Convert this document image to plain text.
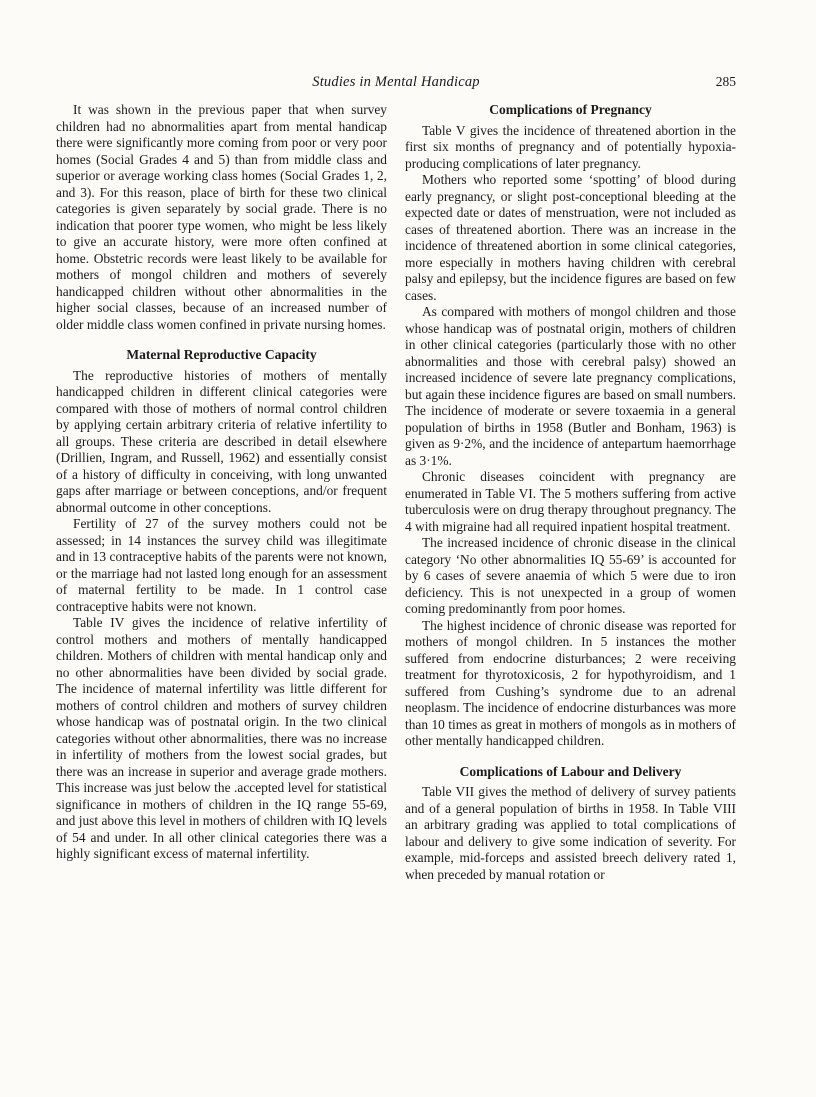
Studies in Mental Handicap	285

It was shown in the previous paper that when survey children had no abnormalities apart from mental handicap there were significantly more coming from poor or very poor homes (Social Grades 4 and 5) than from middle class and superior or average working class homes (Social Grades 1, 2, and 3). For this reason, place of birth for these two clinical categories is given separately by social grade. There is no indication that poorer type women, who might be less likely to give an accurate history, were more often confined at home. Obstetric records were least likely to be available for mothers of mongol children and mothers of severely handicapped children without other abnormalities in the higher social classes, because of an increased number of older middle class women confined in private nursing homes.

Maternal Reproductive Capacity

The reproductive histories of mothers of mentally handicapped children in different clinical categories were compared with those of mothers of normal control children by applying certain arbitrary criteria of relative infertility to all groups. These criteria are described in detail elsewhere (Drillien, Ingram, and Russell, 1962) and essentially consist of a history of difficulty in conceiving, with long unwanted gaps after marriage or between conceptions, and/or frequent abnormal outcome in other conceptions.

Fertility of 27 of the survey mothers could not be assessed; in 14 instances the survey child was illegitimate and in 13 contraceptive habits of the parents were not known, or the marriage had not lasted long enough for an assessment of maternal fertility to be made. In 1 control case contraceptive habits were not known.

Table IV gives the incidence of relative infertility of control mothers and mothers of mentally handicapped children. Mothers of children with mental handicap only and no other abnormalities have been divided by social grade. The incidence of maternal infertility was little different for mothers of control children and mothers of survey children whose handicap was of postnatal origin. In the two clinical categories without other abnormalities, there was no increase in infertility of mothers from the lowest social grades, but there was an increase in superior and average grade mothers. This increase was just below the .accepted level for statistical significance in mothers of children in the IQ range 55-69, and just above this level in mothers of children with IQ levels of 54 and under. In all other clinical categories there was a highly significant excess of maternal infertility.

Complications of Pregnancy

Table V gives the incidence of threatened abortion in the first six months of pregnancy and of potentially hypoxia-producing complications of later pregnancy.

Mothers who reported some ‘spotting’ of blood during early pregnancy, or slight post-conceptional bleeding at the expected date or dates of menstruation, were not included as cases of threatened abortion. There was an increase in the incidence of threatened abortion in some clinical categories, more especially in mothers having children with cerebral palsy and epilepsy, but the incidence figures are based on few cases.

As compared with mothers of mongol children and those whose handicap was of postnatal origin, mothers of children in other clinical categories (particularly those with no other abnormalities and those with cerebral palsy) showed an increased incidence of severe late pregnancy complications, but again these incidence figures are based on small numbers. The incidence of moderate or severe toxaemia in a general population of births in 1958 (Butler and Bonham, 1963) is given as 9·2%, and the incidence of antepartum haemorrhage as 3·1%.

Chronic diseases coincident with pregnancy are enumerated in Table VI. The 5 mothers suffering from active tuberculosis were on drug therapy throughout pregnancy. The 4 with migraine had all required inpatient hospital treatment.

The increased incidence of chronic disease in the clinical category ‘No other abnormalities IQ 55-69’ is accounted for by 6 cases of severe anaemia of which 5 were due to iron deficiency. This is not unexpected in a group of women coming predominantly from poor homes.

The highest incidence of chronic disease was reported for mothers of mongol children. In 5 instances the mother suffered from endocrine disturbances; 2 were receiving treatment for thyrotoxicosis, 2 for hypothyroidism, and 1 suffered from Cushing’s syndrome due to an adrenal neoplasm. The incidence of endocrine disturbances was more than 10 times as great in mothers of mongols as in mothers of other mentally handicapped children.

Complications of Labour and Delivery

Table VII gives the method of delivery of survey patients and of a general population of births in 1958. In Table VIII an arbitrary grading was applied to total complications of labour and delivery to give some indication of severity. For example, mid-forceps and assisted breech delivery rated 1, when preceded by manual rotation or
